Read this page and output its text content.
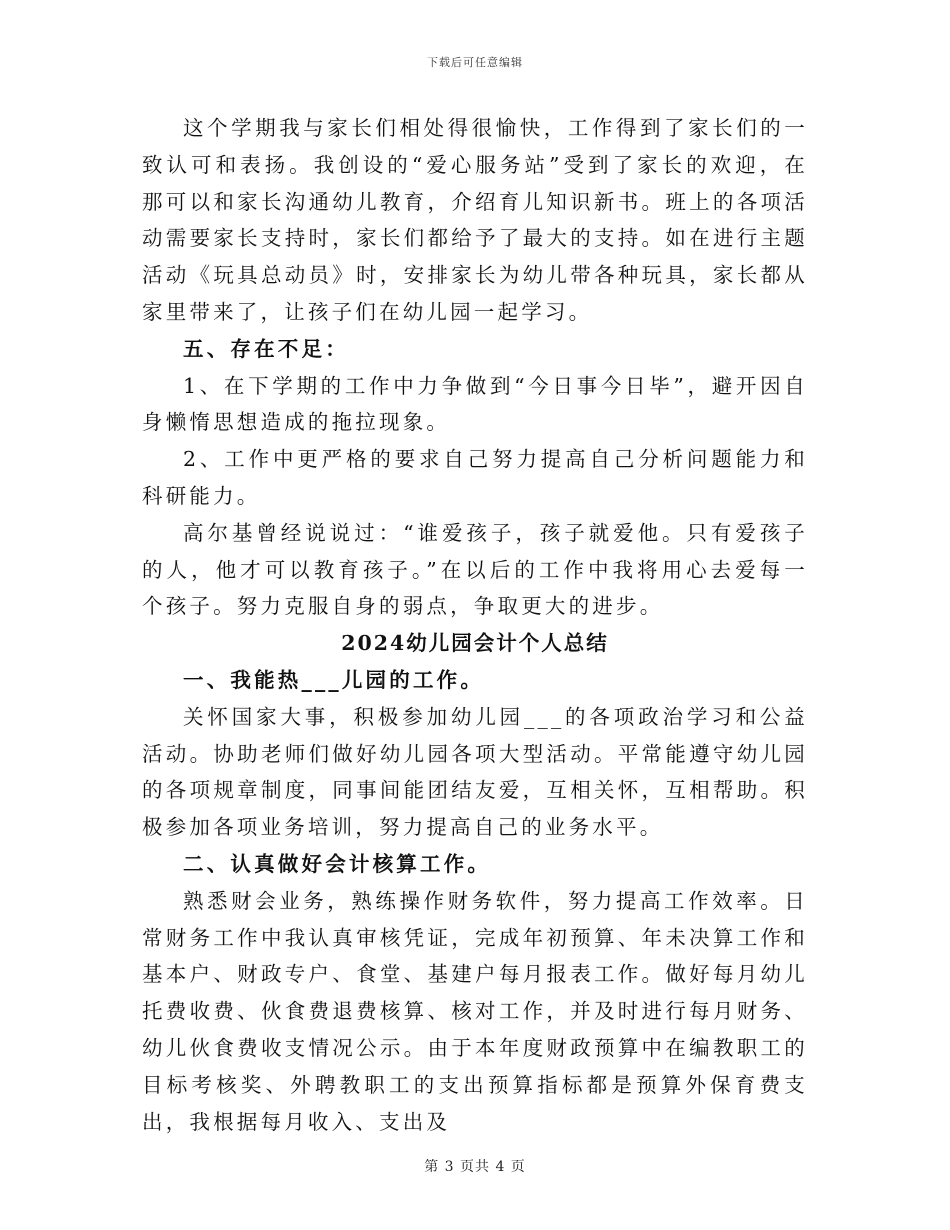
下载后可任意编辑

这个学期我与家长们相处得很愉快，工作得到了家长们的一致认可和表扬。我创设的“爱心服务站”受到了家长的欢迎，在那可以和家长沟通幼儿教育，介绍育儿知识新书。班上的各项活动需要家长支持时，家长们都给予了最大的支持。如在进行主题活动《玩具总动员》时，安排家长为幼儿带各种玩具，家长都从家里带来了，让孩子们在幼儿园一起学习。

五、存在不足：

1、在下学期的工作中力争做到“今日事今日毕”，避开因自身懒惰思想造成的拖拉现象。

2、工作中更严格的要求自己努力提高自己分析问题能力和科研能力。

高尔基曾经说说过：“谁爱孩子，孩子就爱他。只有爱孩子的人，他才可以教育孩子。”在以后的工作中我将用心去爱每一个孩子。努力克服自身的弱点，争取更大的进步。

2024幼儿园会计个人总结

一、我能热___儿园的工作。

关怀国家大事，积极参加幼儿园___的各项政治学习和公益活动。协助老师们做好幼儿园各项大型活动。平常能遵守幼儿园的各项规章制度，同事间能团结友爱，互相关怀，互相帮助。积极参加各项业务培训，努力提高自己的业务水平。

二、认真做好会计核算工作。

熟悉财会业务，熟练操作财务软件，努力提高工作效率。日常财务工作中我认真审核凭证，完成年初预算、年未决算工作和基本户、财政专户、食堂、基建户每月报表工作。做好每月幼儿托费收费、伙食费退费核算、核对工作，并及时进行每月财务、幼儿伙食费收支情况公示。由于本年度财政预算中在编教职工的目标考核奖、外聘教职工的支出预算指标都是预算外保育费支出，我根据每月收入、支出及

第 3 页共 4 页
